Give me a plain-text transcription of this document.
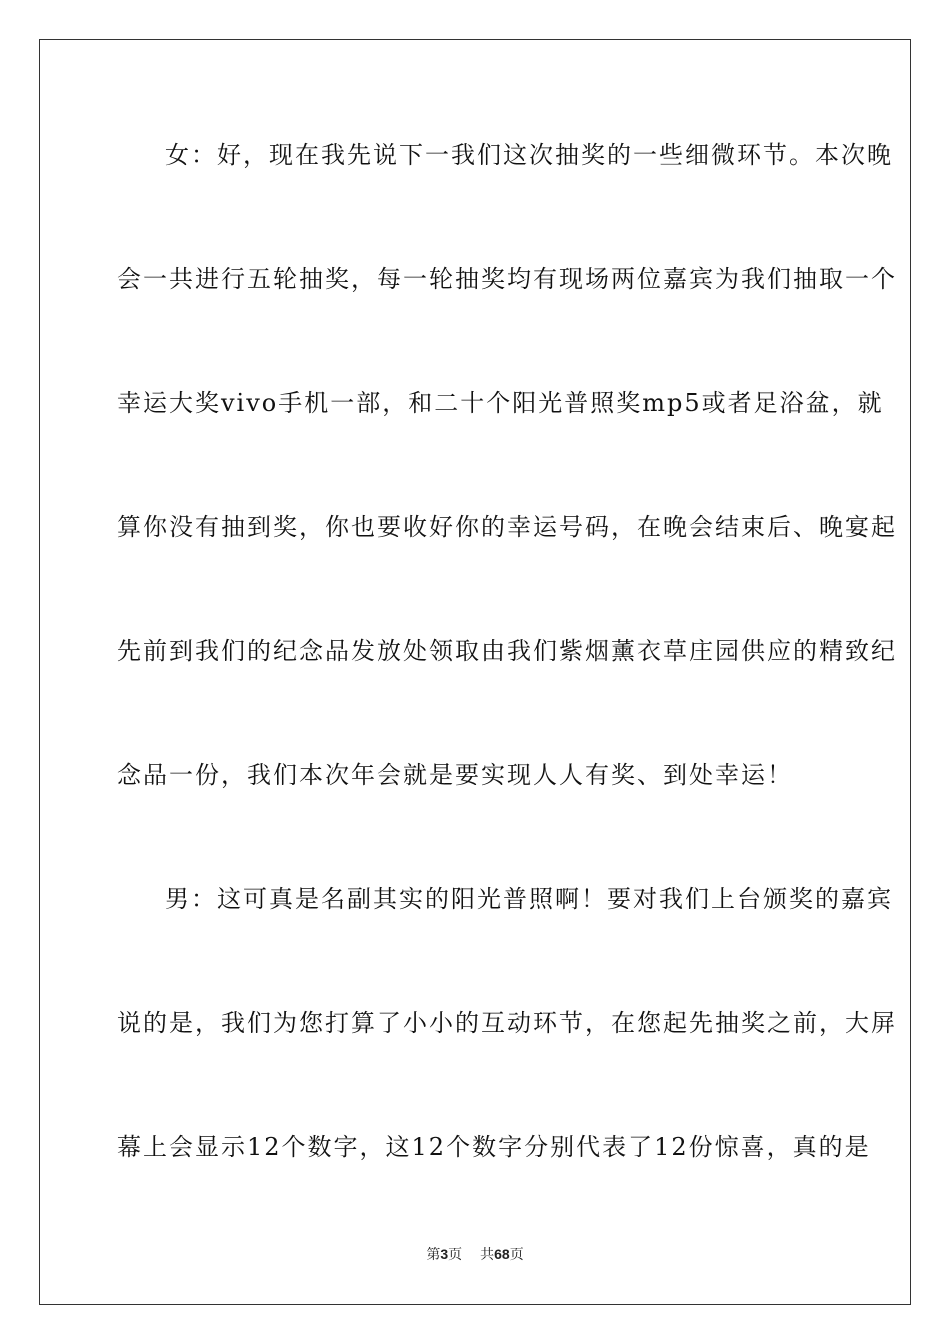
女：好，现在我先说下一我们这次抽奖的一些细微环节。本次晚
会一共进行五轮抽奖，每一轮抽奖均有现场两位嘉宾为我们抽取一个
幸运大奖vivo手机一部，和二十个阳光普照奖mp5或者足浴盆，就
算你没有抽到奖，你也要收好你的幸运号码，在晚会结束后、晚宴起
先前到我们的纪念品发放处领取由我们紫烟薰衣草庄园供应的精致纪
念品一份，我们本次年会就是要实现人人有奖、到处幸运！
男：这可真是名副其实的阳光普照啊！要对我们上台颁奖的嘉宾
说的是，我们为您打算了小小的互动环节，在您起先抽奖之前，大屏
幕上会显示12个数字，这12个数字分别代表了12份惊喜，真的是
第3页 共68页
